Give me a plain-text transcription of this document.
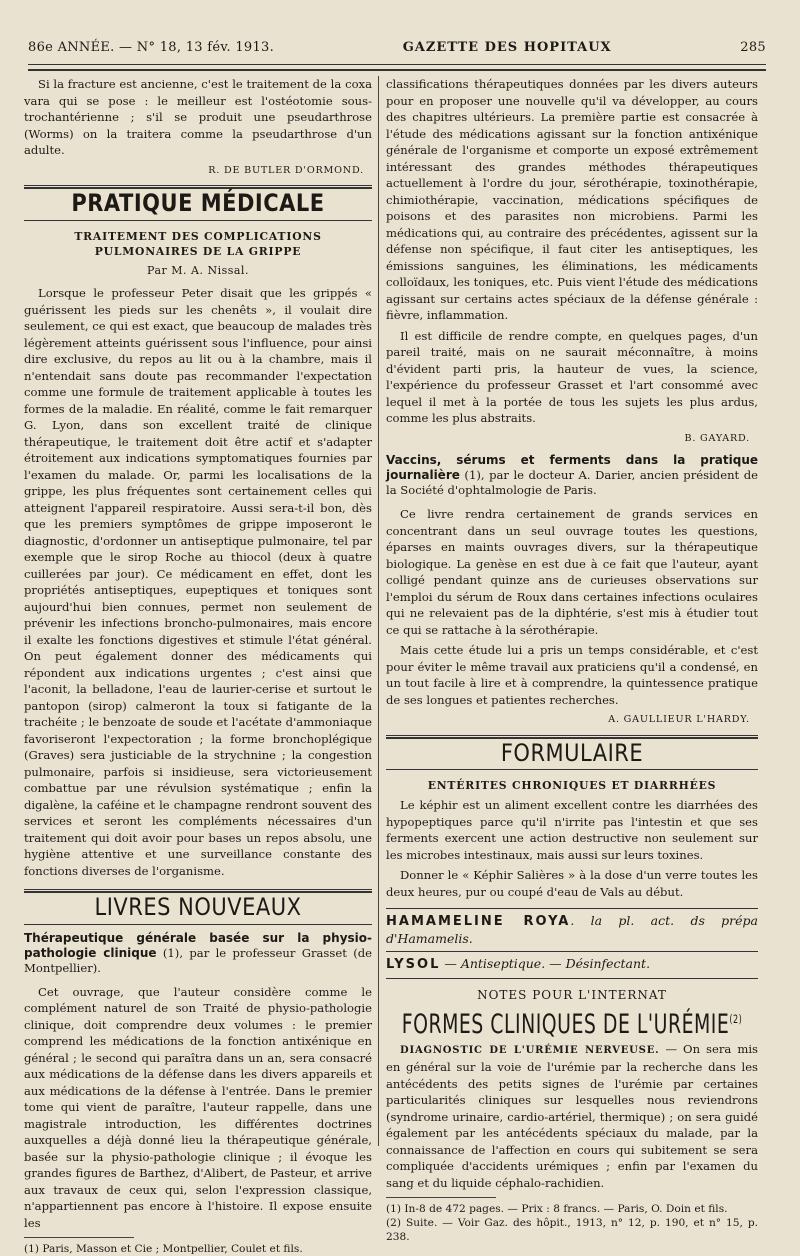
86e ANNÉE. — N° 18, 13 fév. 1913.	GAZETTE DES HOPITAUX	285

Si la fracture est ancienne, c'est le traitement de la coxa vara qui se pose : le meilleur est l'ostéotomie sous-trochantérienne ; s'il se produit une pseudarthrose (Worms) on la traitera comme la pseudarthrose d'un adulte.

R. DE BUTLER D'ORMOND.
PRATIQUE MÉDICALE
TRAITEMENT DES COMPLICATIONS PULMONAIRES DE LA GRIPPE
Par M. A. Nissal.

Lorsque le professeur Peter disait que les grippés « guérissent les pieds sur les chenêts », il voulait dire seulement, ce qui est exact, que beaucoup de malades très légèrement atteints guérissent sous l'influence, pour ainsi dire exclusive, du repos au lit ou à la chambre, mais il n'entendait sans doute pas recommander l'expectation comme une formule de traitement applicable à toutes les formes de la maladie. En réalité, comme le fait remarquer G. Lyon, dans son excellent traité de clinique thérapeutique, le traitement doit être actif et s'adapter étroitement aux indications symptomatiques fournies par l'examen du malade. Or, parmi les localisations de la grippe, les plus fréquentes sont certainement celles qui atteignent l'appareil respiratoire. Aussi sera-t-il bon, dès que les premiers symptômes de grippe imposeront le diagnostic, d'ordonner un antiseptique pulmonaire, tel par exemple que le sirop Roche au thiocol (deux à quatre cuillerées par jour). Ce médicament en effet, dont les propriétés antiseptiques, eupeptiques et toniques sont aujourd'hui bien connues, permet non seulement de prévenir les infections broncho-pulmonaires, mais encore il exalte les fonctions digestives et stimule l'état général. On peut également donner des médicaments qui répondent aux indications urgentes ; c'est ainsi que l'aconit, la belladone, l'eau de laurier-cerise et surtout le pantopon (sirop) calmeront la toux si fatigante de la trachéite ; le benzoate de soude et l'acétate d'ammoniaque favoriseront l'expectoration ; la forme bronchoplégique (Graves) sera justiciable de la strychnine ; la congestion pulmonaire, parfois si insidieuse, sera victorieusement combattue par une révulsion systématique ; enfin la digalène, la caféine et le champagne rendront souvent des services et seront les compléments nécessaires d'un traitement qui doit avoir pour bases un repos absolu, une hygiène attentive et une surveillance constante des fonctions diverses de l'organisme.

LIVRES NOUVEAUX

Thérapeutique générale basée sur la physio-pathologie clinique (1), par le professeur Grasset (de Montpellier).

Cet ouvrage, que l'auteur considère comme le complément naturel de son Traité de physio-pathologie clinique, doit comprendre deux volumes : le premier comprend les médications de la fonction antixénique en général ; le second qui paraîtra dans un an, sera consacré aux médications de la défense dans les divers appareils et aux médications de la défense à l'entrée. Dans le premier tome qui vient de paraître, l'auteur rappelle, dans une magistrale introduction, les différentes doctrines auxquelles a déjà donné lieu la thérapeutique générale, basée sur la physio-pathologie clinique ; il évoque les grandes figures de Barthez, d'Alibert, de Pasteur, et arrive aux travaux de ceux qui, selon l'expression classique, n'appartiennent pas encore à l'histoire. Il expose ensuite les

(1) Paris, Masson et Cie ; Montpellier, Coulet et fils.

classifications thérapeutiques données par les divers auteurs pour en proposer une nouvelle qu'il va développer, au cours des chapitres ultérieurs. La première partie est consacrée à l'étude des médications agissant sur la fonction antixénique générale de l'organisme et comporte un exposé extrêmement intéressant des grandes méthodes thérapeutiques actuellement à l'ordre du jour, sérothérapie, toxinothérapie, chimiothérapie, vaccination, médications spécifiques de poisons et des parasites non microbiens. Parmi les médications qui, au contraire des précédentes, agissent sur la défense non spécifique, il faut citer les antiseptiques, les émissions sanguines, les éliminations, les médicaments colloïdaux, les toniques, etc. Puis vient l'étude des médications agissant sur certains actes spéciaux de la défense générale : fièvre, inflammation.

Il est difficile de rendre compte, en quelques pages, d'un pareil traité, mais on ne saurait méconnaître, à moins d'évident parti pris, la hauteur de vues, la science, l'expérience du professeur Grasset et l'art consommé avec lequel il met à la portée de tous les sujets les plus ardus, comme les plus abstraits.

B. GAYARD.

Vaccins, sérums et ferments dans la pratique journalière (1), par le docteur A. Darier, ancien président de la Société d'ophtalmologie de Paris.

Ce livre rendra certainement de grands services en concentrant dans un seul ouvrage toutes les questions, éparses en maints ouvrages divers, sur la thérapeutique biologique. La genèse en est due à ce fait que l'auteur, ayant colligé pendant quinze ans de curieuses observations sur l'emploi du sérum de Roux dans certaines infections oculaires qui ne relevaient pas de la diphtérie, s'est mis à étudier tout ce qui se rattache à la sérothérapie.

Mais cette étude lui a pris un temps considérable, et c'est pour éviter le même travail aux praticiens qu'il a condensé, en un tout facile à lire et à comprendre, la quintessence pratique de ses longues et patientes recherches.

A. GAULLIEUR L'HARDY.
FORMULAIRE
ENTÉRITES CHRONIQUES ET DIARRHÉES

Le képhir est un aliment excellent contre les diarrhées des hypopeptiques parce qu'il n'irrite pas l'intestin et que ses ferments exercent une action destructive non seulement sur les microbes intestinaux, mais aussi sur leurs toxines.

Donner le « Képhir Salières » à la dose d'un verre toutes les deux heures, pur ou coupé d'eau de Vals au début.

HAMAMELINE ROYA. la pl. act. ds prépa d'Hamamelis.
LYSOL — Antiseptique. — Désinfectant.
NOTES POUR L'INTERNAT
FORMES CLINIQUES DE L'URÉMIE$^{(2)}$

DIAGNOSTIC DE L'URÉMIE NERVEUSE. — On sera mis en général sur la voie de l'urémie par la recherche dans les antécédents des petits signes de l'urémie par certaines particularités cliniques sur lesquelles nous reviendrons (syndrome urinaire, cardio-artériel, thermique) ; on sera guidé également par les antécédents spéciaux du malade, par la connaissance de l'affection en cours qui subitement se sera compliquée d'accidents urémiques ; enfin par l'examen du sang et du liquide céphalo-rachidien.

(1) In-8 de 472 pages. — Prix : 8 francs. — Paris, O. Doin et fils.
(2) Suite. — Voir Gaz. des hôpit., 1913, n° 12, p. 190, et n° 15, p. 238.
